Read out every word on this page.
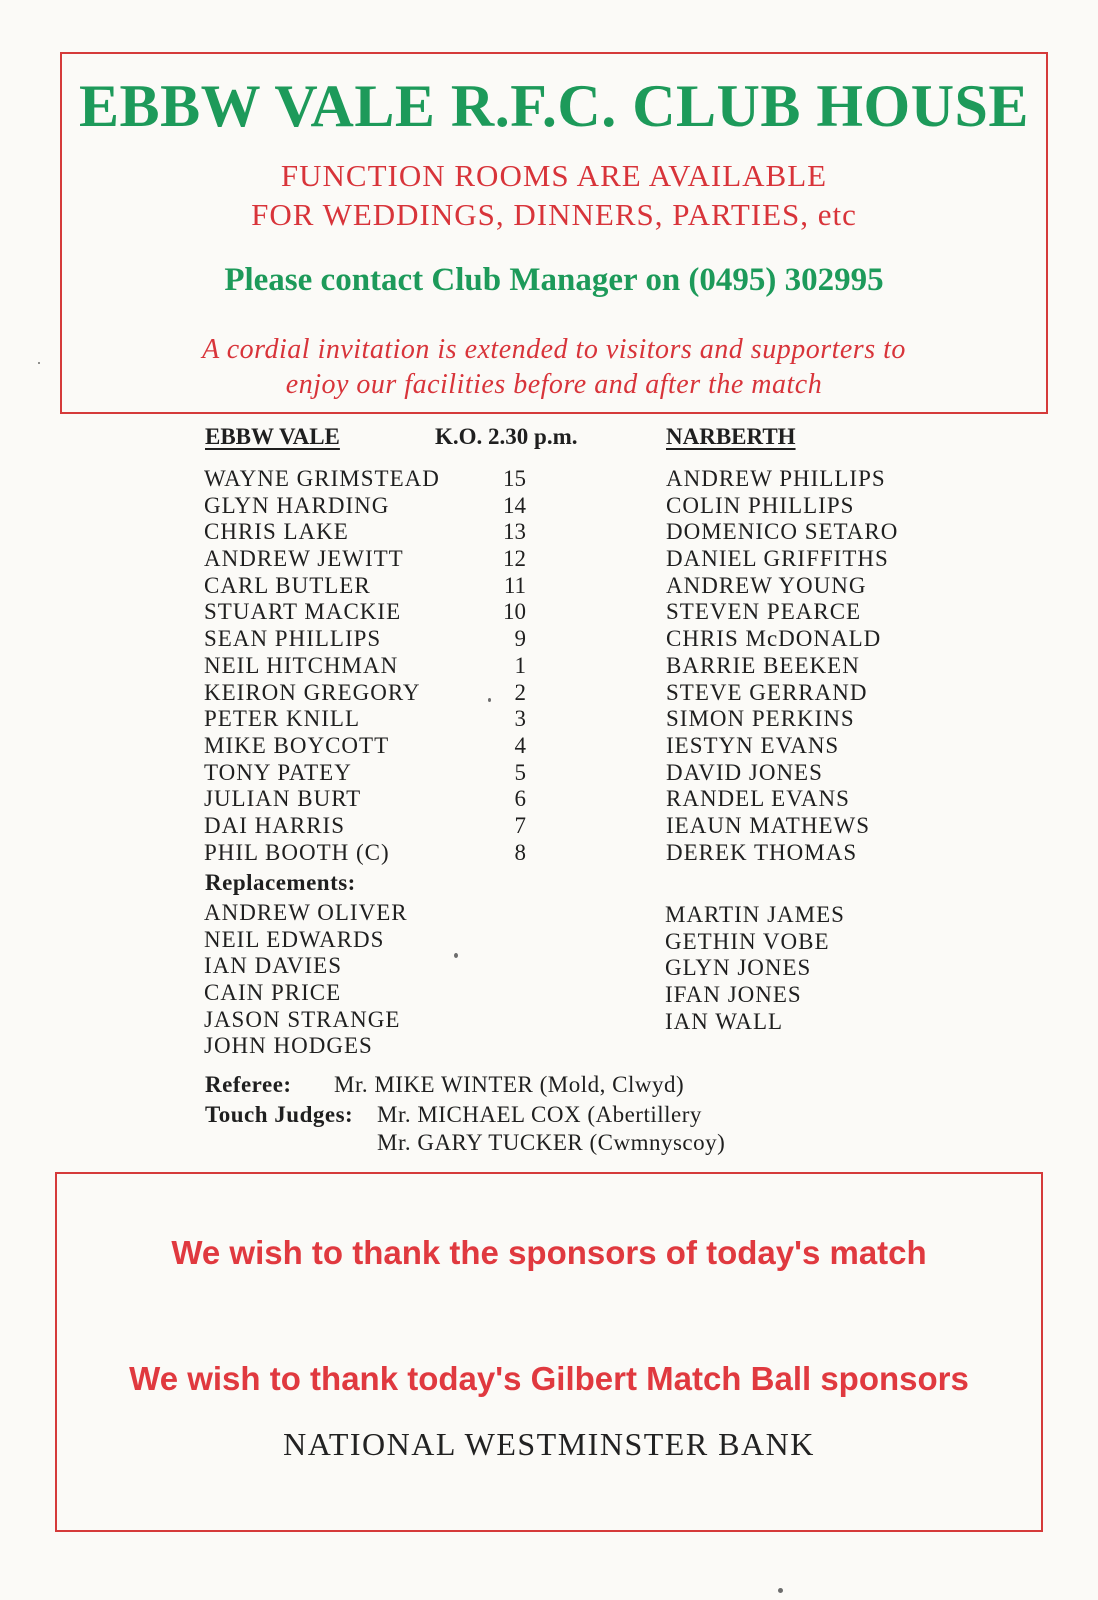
EBBW VALE R.F.C. CLUB HOUSE
FUNCTION ROOMS ARE AVAILABLE
FOR WEDDINGS, DINNERS, PARTIES, etc
Please contact Club Manager on (0495) 302995
A cordial invitation is extended to visitors and supporters to
enjoy our facilities before and after the match
EBBW VALE	K.O. 2.30 p.m.	NARBERTH
WAYNE GRIMSTEAD
GLYN HARDING
CHRIS LAKE
ANDREW JEWITT
CARL BUTLER
STUART MACKIE
SEAN PHILLIPS
NEIL HITCHMAN
KEIRON GREGORY
PETER KNILL
MIKE BOYCOTT
TONY PATEY
JULIAN BURT
DAI HARRIS
PHIL BOOTH (C)
15
14
13
12
11
10
9
1
2
3
4
5
6
7
8
ANDREW PHILLIPS
COLIN PHILLIPS
DOMENICO SETARO
DANIEL GRIFFITHS
ANDREW YOUNG
STEVEN PEARCE
CHRIS McDONALD
BARRIE BEEKEN
STEVE GERRAND
SIMON PERKINS
IESTYN EVANS
DAVID JONES
RANDEL EVANS
IEAUN MATHEWS
DEREK THOMAS
Replacements:
ANDREW OLIVER
NEIL EDWARDS
IAN DAVIES
CAIN PRICE
JASON STRANGE
JOHN HODGES
MARTIN JAMES
GETHIN VOBE
GLYN JONES
IFAN JONES
IAN WALL
Referee: Mr. MIKE WINTER (Mold, Clwyd)
Touch Judges: Mr. MICHAEL COX (Abertillery
Mr. GARY TUCKER (Cwmnyscoy)
We wish to thank the sponsors of today's match
We wish to thank today's Gilbert Match Ball sponsors
NATIONAL WESTMINSTER BANK
